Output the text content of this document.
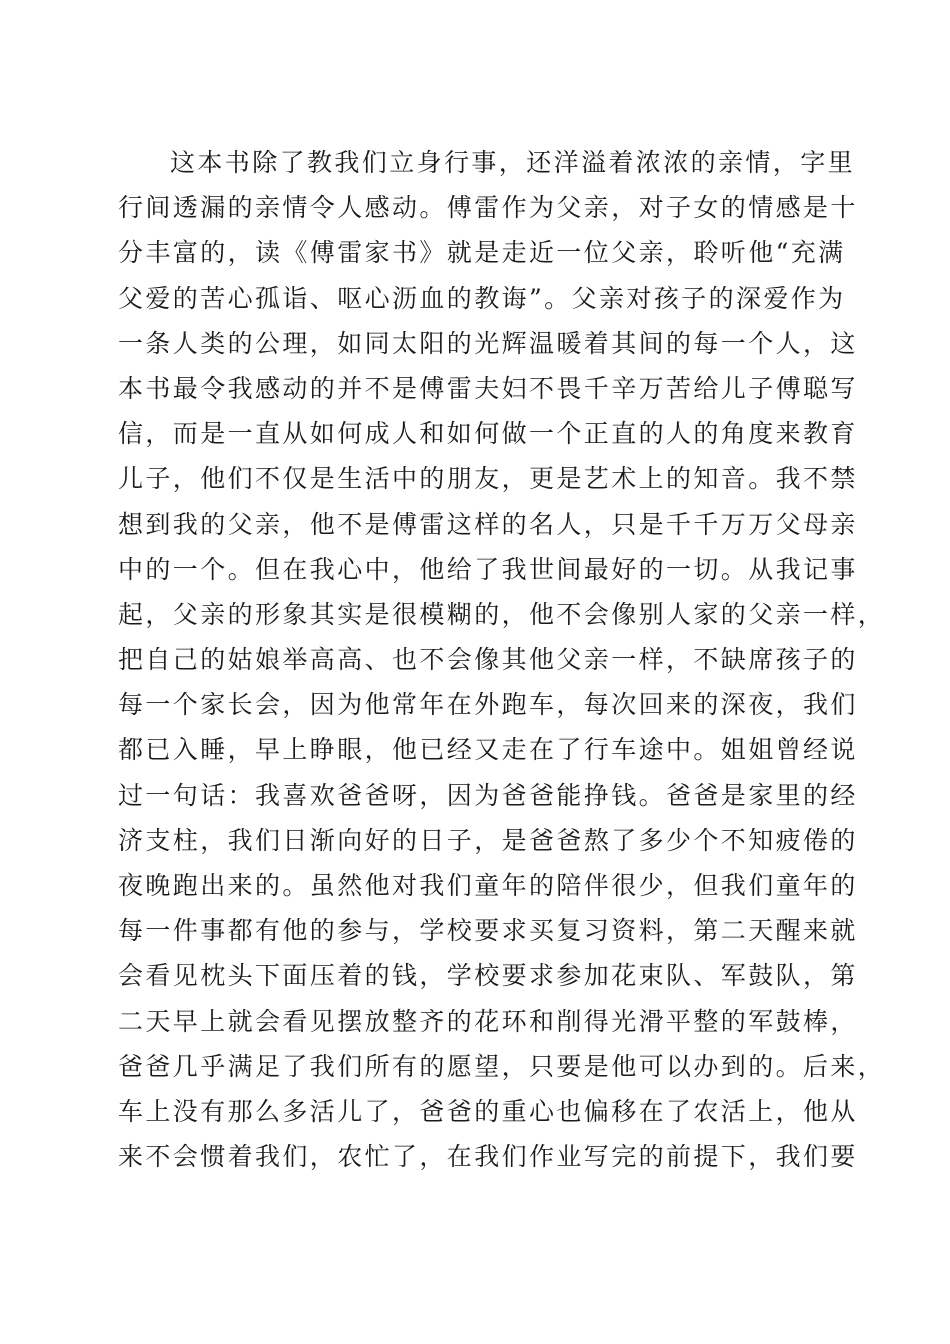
这本书除了教我们立身行事，还洋溢着浓浓的亲情，字里
行间透漏的亲情令人感动。傅雷作为父亲，对子女的情感是十
分丰富的，读《傅雷家书》就是走近一位父亲，聆听他“充满
父爱的苦心孤诣、呕心沥血的教诲”。父亲对孩子的深爱作为
一条人类的公理，如同太阳的光辉温暖着其间的每一个人，这
本书最令我感动的并不是傅雷夫妇不畏千辛万苦给儿子傅聪写
信，而是一直从如何成人和如何做一个正直的人的角度来教育
儿子，他们不仅是生活中的朋友，更是艺术上的知音。我不禁
想到我的父亲，他不是傅雷这样的名人，只是千千万万父母亲
中的一个。但在我心中，他给了我世间最好的一切。从我记事
起，父亲的形象其实是很模糊的，他不会像别人家的父亲一样，
把自己的姑娘举高高、也不会像其他父亲一样，不缺席孩子的
每一个家长会，因为他常年在外跑车，每次回来的深夜，我们
都已入睡，早上睁眼，他已经又走在了行车途中。姐姐曾经说
过一句话：我喜欢爸爸呀，因为爸爸能挣钱。爸爸是家里的经
济支柱，我们日渐向好的日子，是爸爸熬了多少个不知疲倦的
夜晚跑出来的。虽然他对我们童年的陪伴很少，但我们童年的
每一件事都有他的参与，学校要求买复习资料，第二天醒来就
会看见枕头下面压着的钱，学校要求参加花束队、军鼓队，第
二天早上就会看见摆放整齐的花环和削得光滑平整的军鼓棒，
爸爸几乎满足了我们所有的愿望，只要是他可以办到的。后来，
车上没有那么多活儿了，爸爸的重心也偏移在了农活上，他从
来不会惯着我们，农忙了，在我们作业写完的前提下，我们要
